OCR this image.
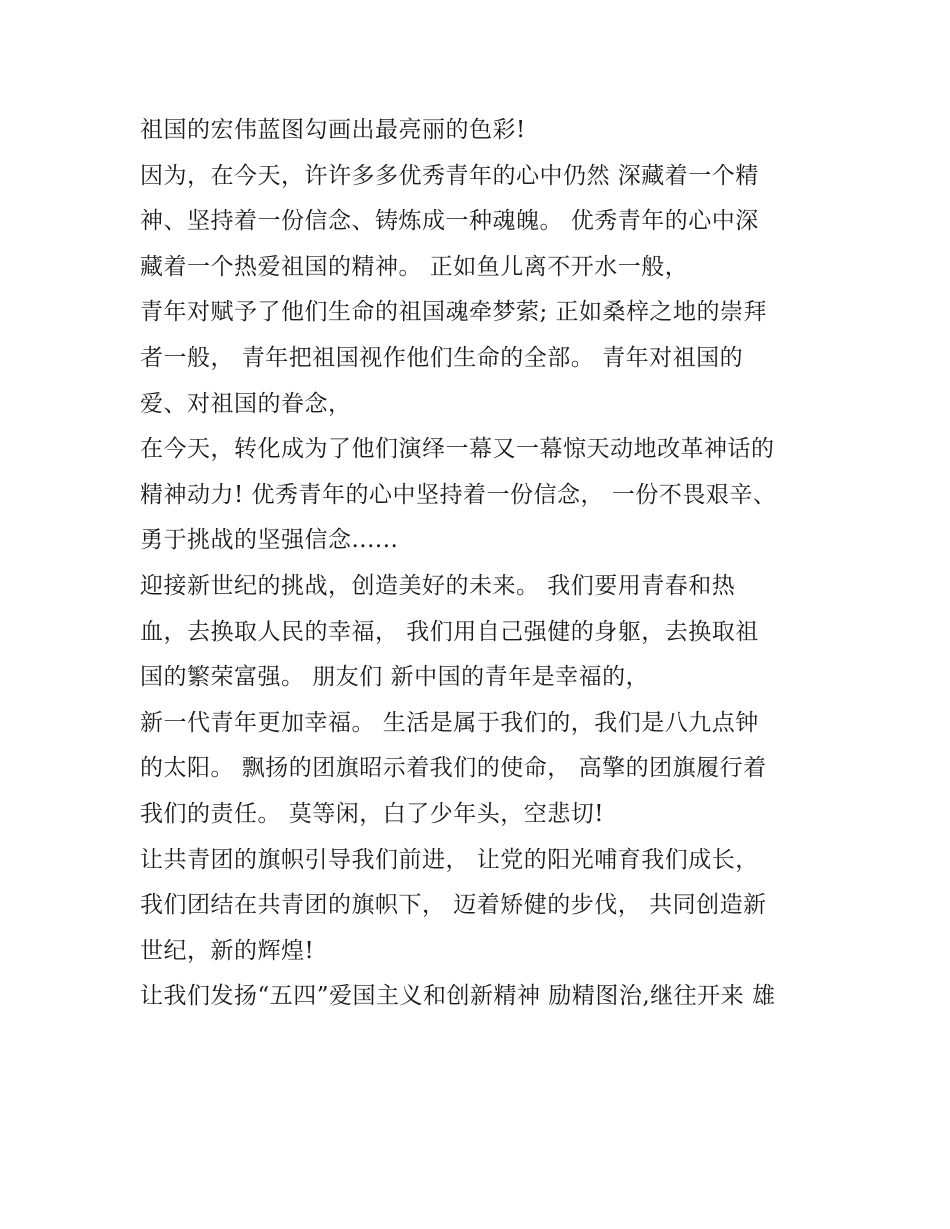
祖国的宏伟蓝图勾画出最亮丽的色彩!
因为，在今天，许许多多优秀青年的心中仍然 深藏着一个精
神、坚持着一份信念、铸炼成一种魂魄。 优秀青年的心中深
藏着一个热爱祖国的精神。 正如鱼儿离不开水一般，
青年对赋予了他们生命的祖国魂牵梦萦; 正如桑梓之地的崇拜
者一般， 青年把祖国视作他们生命的全部。 青年对祖国的
爱、对祖国的眷念，
在今天，转化成为了他们演绎一幕又一幕惊天动地改革神话的
精神动力! 优秀青年的心中坚持着一份信念， 一份不畏艰辛、
勇于挑战的坚强信念......
迎接新世纪的挑战，创造美好的未来。 我们要用青春和热
血，去换取人民的幸福， 我们用自己强健的身躯，去换取祖
国的繁荣富强。 朋友们 新中国的青年是幸福的，
新一代青年更加幸福。 生活是属于我们的，我们是八九点钟
的太阳。 飘扬的团旗昭示着我们的使命， 高擎的团旗履行着
我们的责任。 莫等闲，白了少年头，空悲切!
让共青团的旗帜引导我们前进， 让党的阳光哺育我们成长，
我们团结在共青团的旗帜下， 迈着矫健的步伐， 共同创造新
世纪，新的辉煌!
让我们发扬“五四”爱国主义和创新精神 励精图治,继往开来 雄
